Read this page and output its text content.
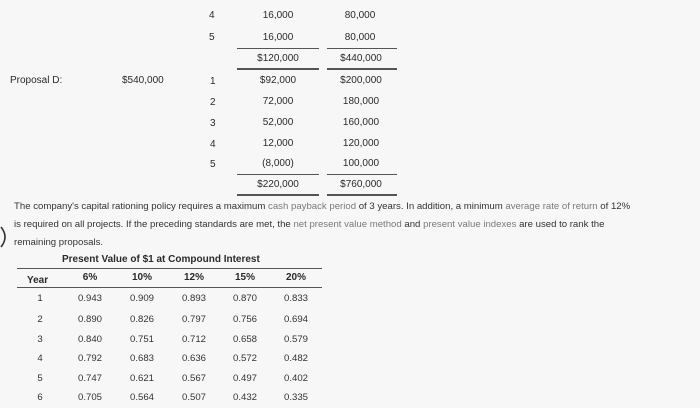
4	16,000	80,000
5	16,000	80,000
$120,000	$440,000
Proposal D:	$540,000	1	$92,000	$200,000
2	72,000	180,000
3	52,000	160,000
4	12,000	120,000
5	(8,000)	100,000
$220,000	$760,000
The company's capital rationing policy requires a maximum cash payback period of 3 years. In addition, a minimum average rate of return of 12%
is required on all projects. If the preceding standards are met, the net present value method and present value indexes are used to rank the
remaining proposals.
Present Value of $1 at Compound Interest
Year	6%	10%	12%	15%	20%
1	0.943	0.909	0.893	0.870	0.833
2	0.890	0.826	0.797	0.756	0.694
3	0.840	0.751	0.712	0.658	0.579
4	0.792	0.683	0.636	0.572	0.482
5	0.747	0.621	0.567	0.497	0.402
6	0.705	0.564	0.507	0.432	0.335
